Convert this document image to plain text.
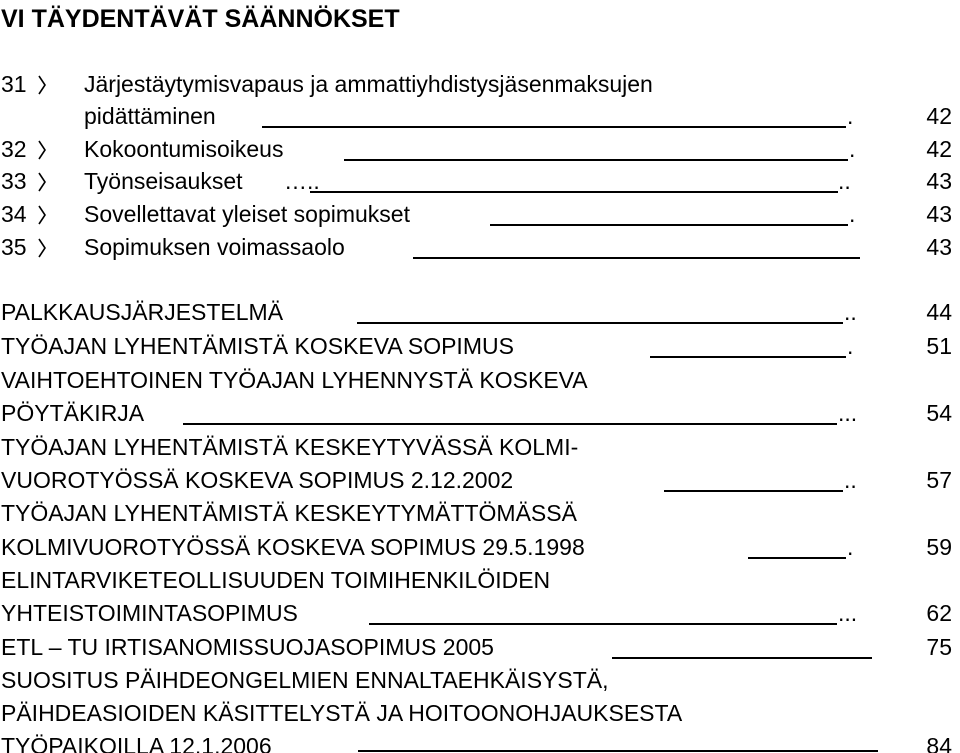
VI TÄYDENTÄVÄT SÄÄNNÖKSET
31 Järjestäytymisvapaus ja ammattiyhdistysjäsenmaksujen
pidättäminen	.	42
32 Kokoontumisoikeus	.	42
33 Työnseisaukset …..	..	43
34 Sovellettavat yleiset sopimukset	.	43
35 Sopimuksen voimassaolo	43
PALKKAUSJÄRJESTELMÄ	..	44
TYÖAJAN LYHENTÄMISTÄ KOSKEVA SOPIMUS	.	51
VAIHTOEHTOINEN TYÖAJAN LYHENNYSTÄ KOSKEVA
PÖYTÄKIRJA	...	54
TYÖAJAN LYHENTÄMISTÄ KESKEYTYVÄSSÄ KOLMI-
VUOROTYÖSSÄ KOSKEVA SOPIMUS 2.12.2002	..	57
TYÖAJAN LYHENTÄMISTÄ KESKEYTYMÄTTÖMÄSSÄ
KOLMIVUOROTYÖSSÄ KOSKEVA SOPIMUS 29.5.1998	.	59
ELINTARVIKETEOLLISUUDEN TOIMIHENKILÖIDEN
YHTEISTOIMINTASOPIMUS	...	62
ETL – TU IRTISANOMISSUOJASOPIMUS 2005	75
SUOSITUS PÄIHDEONGELMIEN ENNALTAEHKÄISYSTÄ,
PÄIHDEASIOIDEN KÄSITTELYSTÄ JA HOITOONOHJAUKSESTA
TYÖPAIKOILLA 12.1.2006	84
